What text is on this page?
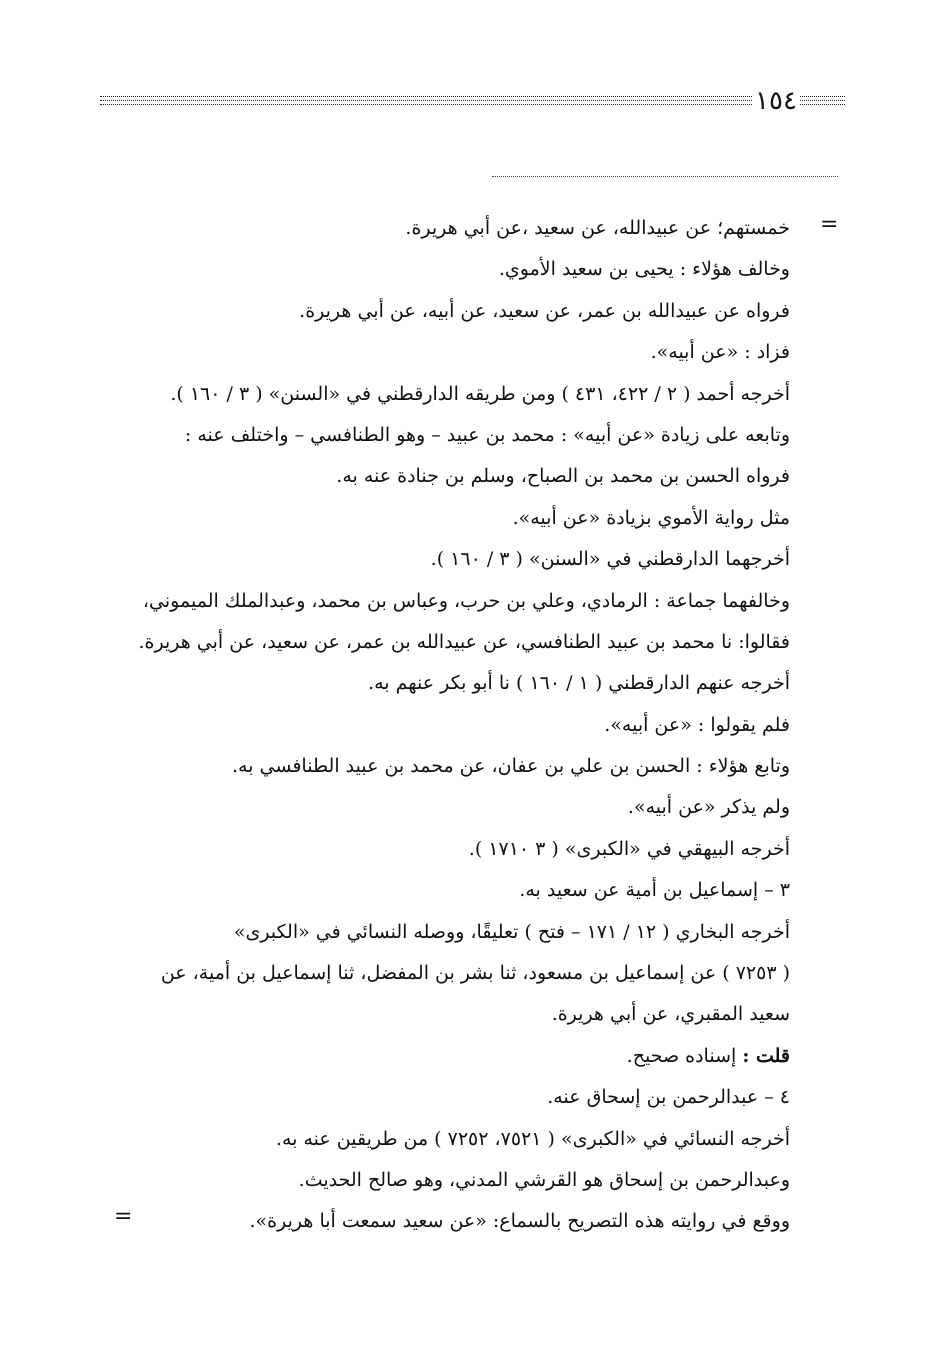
١٥٤
=
خمستهم؛ عن عبيدالله، عن سعيد ،عن أبي هريرة.
وخالف هؤلاء : يحيى بن سعيد الأموي.
فرواه عن عبيدالله بن عمر، عن سعيد، عن أبيه، عن أبي هريرة.
فزاد : «عن أبيه».
أخرجه أحمد ( ٢ / ٤٢٢، ٤٣١ ) ومن طريقه الدارقطني في «السنن» ( ٣ / ١٦٠ ).
وتابعه على زيادة «عن أبيه» : محمد بن عبيد – وهو الطنافسي – واختلف عنه :
فرواه الحسن بن محمد بن الصباح، وسلم بن جنادة عنه به.
مثل رواية الأموي بزيادة «عن أبيه».
أخرجهما الدارقطني في «السنن» ( ٣ / ١٦٠ ).
وخالفهما جماعة : الرمادي، وعلي بن حرب، وعباس بن محمد، وعبدالملك الميموني،
فقالوا: نا محمد بن عبيد الطنافسي، عن عبيدالله بن عمر، عن سعيد، عن أبي هريرة.
أخرجه عنهم الدارقطني ( ١ / ١٦٠ ) نا أبو بكر عنهم به.
فلم يقولوا : «عن أبيه».
وتابع هؤلاء : الحسن بن علي بن عفان، عن محمد بن عبيد الطنافسي به.
ولم يذكر «عن أبيه».
أخرجه البيهقي في «الكبرى» ( ٣ ١٧١٠ ).
٣ – إسماعيل بن أمية عن سعيد به.
أخرجه البخاري ( ١٢ / ١٧١ – فتح ) تعليقًا، ووصله النسائي في «الكبرى»
( ٧٢٥٣ ) عن إسماعيل بن مسعود، ثنا بشر بن المفضل، ثنا إسماعيل بن أمية، عن
سعيد المقبري، عن أبي هريرة.
قلت : إسناده صحيح.
٤ – عبدالرحمن بن إسحاق عنه.
أخرجه النسائي في «الكبرى» ( ٧٥٢١، ٧٢٥٢ ) من طريقين عنه به.
وعبدالرحمن بن إسحاق هو القرشي المدني، وهو صالح الحديث.
ووقع في روايته هذه التصريح بالسماع: «عن سعيد سمعت أبا هريرة».
=
